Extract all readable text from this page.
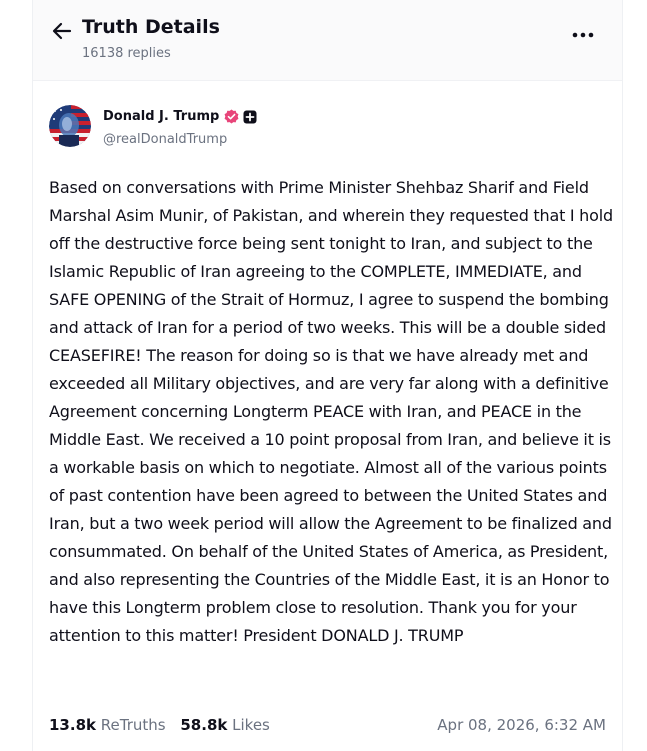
Truth Details
16138 replies
Donald J. Trump
@realDonaldTrump
Based on conversations with Prime Minister Shehbaz Sharif and Field Marshal Asim Munir, of Pakistan, and wherein they requested that I hold off the destructive force being sent tonight to Iran, and subject to the Islamic Republic of Iran agreeing to the COMPLETE, IMMEDIATE, and SAFE OPENING of the Strait of Hormuz, I agree to suspend the bombing and attack of Iran for a period of two weeks. This will be a double sided CEASEFIRE! The reason for doing so is that we have already met and exceeded all Military objectives, and are very far along with a definitive Agreement concerning Longterm PEACE with Iran, and PEACE in the Middle East. We received a 10 point proposal from Iran, and believe it is a workable basis on which to negotiate. Almost all of the various points of past contention have been agreed to between the United States and Iran, but a two week period will allow the Agreement to be finalized and consummated. On behalf of the United States of America, as President, and also representing the Countries of the Middle East, it is an Honor to have this Longterm problem close to resolution. Thank you for your attention to this matter! President DONALD J. TRUMP
13.8k ReTruths 58.8k Likes	Apr 08, 2026, 6:32 AM
